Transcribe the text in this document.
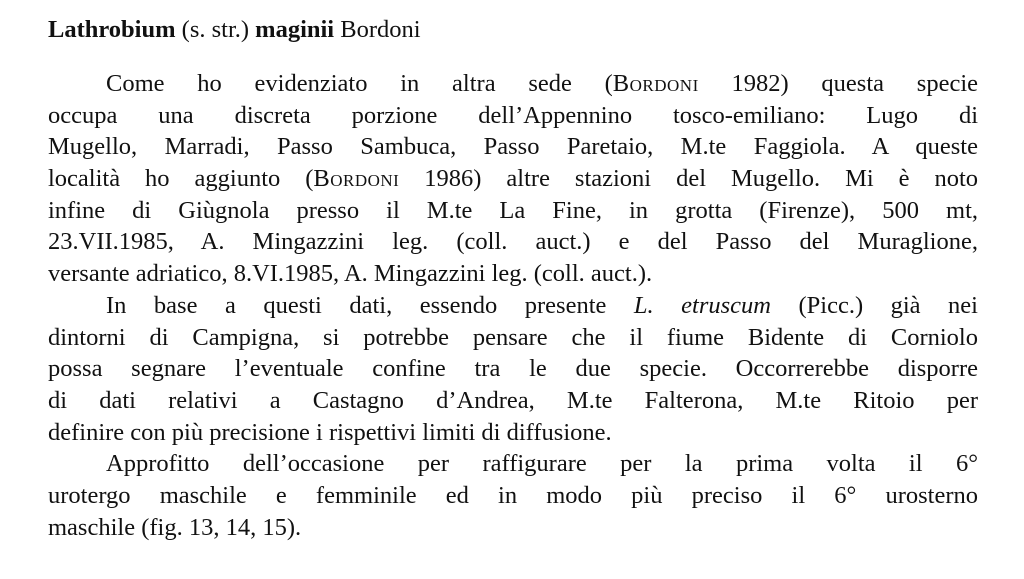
Lathrobium (s. str.) maginii Bordoni
Come ho evidenziato in altra sede (Bordoni 1982) questa specie
occupa una discreta porzione dell’Appennino tosco-emiliano: Lugo di
Mugello, Marradi, Passo Sambuca, Passo Paretaio, M.te Faggiola. A queste
località ho aggiunto (Bordoni 1986) altre stazioni del Mugello. Mi è noto
infine di Giùgnola presso il M.te La Fine, in grotta (Firenze), 500 mt,
23.VII.1985, A. Mingazzini leg. (coll. auct.) e del Passo del Muraglione,
versante adriatico, 8.VI.1985, A. Mingazzini leg. (coll. auct.).
In base a questi dati, essendo presente L. etruscum (Picc.) già nei
dintorni di Campigna, si potrebbe pensare che il fiume Bidente di Corniolo
possa segnare l’eventuale confine tra le due specie. Occorrerebbe disporre
di dati relativi a Castagno d’Andrea, M.te Falterona, M.te Ritoio per
definire con più precisione i rispettivi limiti di diffusione.
Approfitto dell’occasione per raffigurare per la prima volta il 6°
urotergo maschile e femminile ed in modo più preciso il 6° urosterno
maschile (fig. 13, 14, 15).
